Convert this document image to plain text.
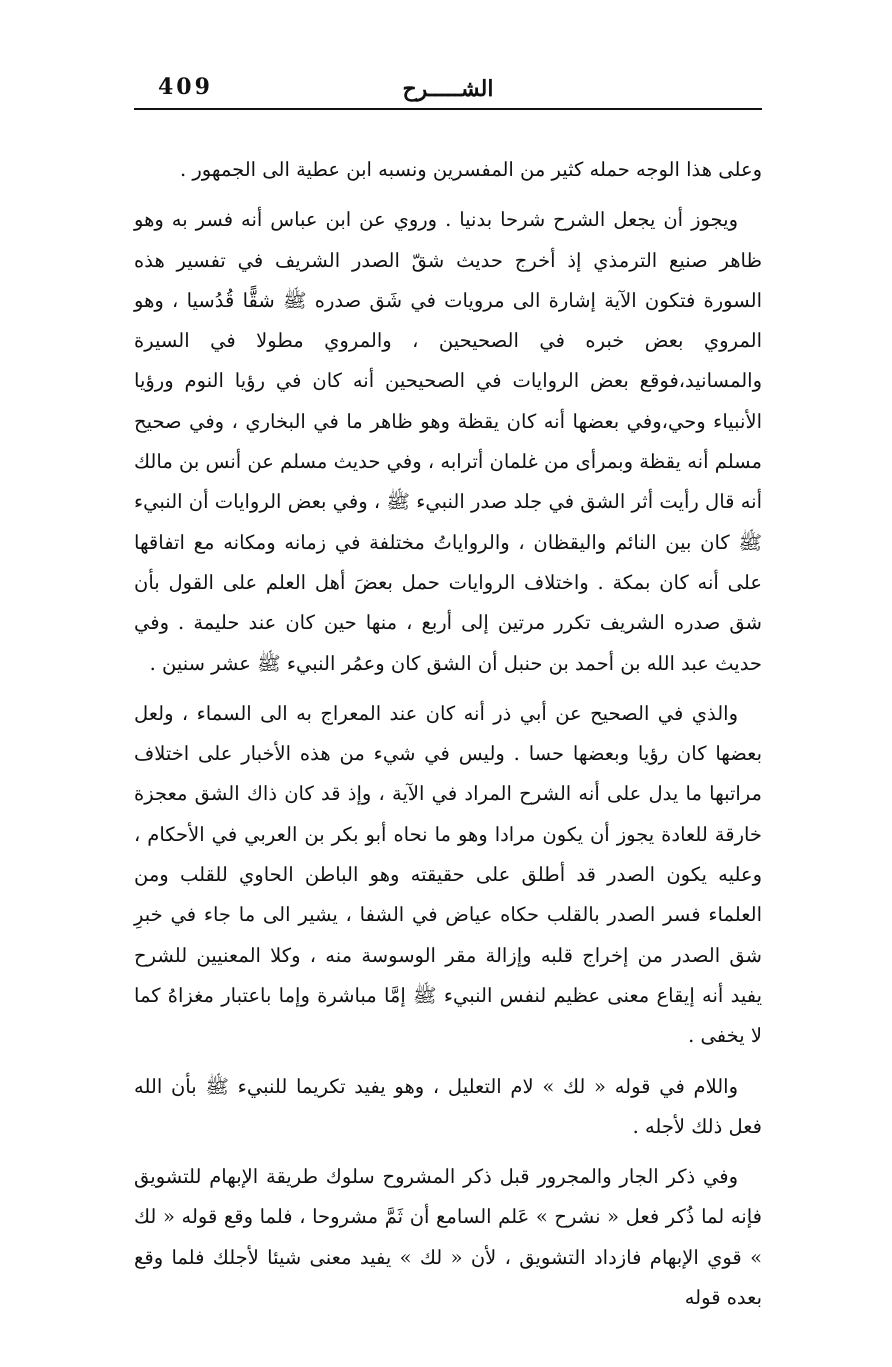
409	الشـــــرح

وعلى هذا الوجه حمله كثير من المفسرين ونسبه ابن عطية الى الجمهور .

ويجوز أن يجعل الشرح شرحا بدنيا . وروي عن ابن عباس أنه فسر به وهو ظاهر صنيع الترمذي إذ أخرج حديث شقّ الصدر الشريف في تفسير هذه السورة فتكون الآية إشارة الى مرويات في شَق صدره ﷺ شقًّا قُدُسيا ، وهو المروي بعض خبره في الصحيحين ، والمروي مطولا في السيرة والمسانيد،فوقع بعض الروايات في الصحيحين أنه كان في رؤيا النوم ورؤيا الأنبياء وحي،وفي بعضها أنه كان يقظة وهو ظاهر ما في البخاري ، وفي صحيح مسلم أنه يقظة وبمرأى من غلمان أترابه ، وفي حديث مسلم عن أنس بن مالك أنه قال رأيت أثر الشق في جلد صدر النبيء ﷺ ، وفي بعض الروايات أن النبيء ﷺ كان بين النائم واليقظان ، والرواياتُ مختلفة في زمانه ومكانه مع اتفاقها على أنه كان بمكة . واختلاف الروايات حمل بعضَ أهل العلم على القول بأن شق صدره الشريف تكرر مرتين إلى أربع ، منها حين كان عند حليمة . وفي حديث عبد الله بن أحمد بن حنبل أن الشق كان وعمُر النبيء ﷺ عشر سنين .

والذي في الصحيح عن أبي ذر أنه كان عند المعراج به الى السماء ، ولعل بعضها كان رؤيا وبعضها حسا . وليس في شيء من هذه الأخبار على اختلاف مراتبها ما يدل على أنه الشرح المراد في الآية ، وإذ قد كان ذاك الشق معجزة خارقة للعادة يجوز أن يكون مرادا وهو ما نحاه أبو بكر بن العربي في الأحكام ، وعليه يكون الصدر قد أطلق على حقيقته وهو الباطن الحاوي للقلب ومن العلماء فسر الصدر بالقلب حكاه عياض في الشفا ، يشير الى ما جاء في خبرِ شق الصدر من إخراج قلبه وإزالة مقر الوسوسة منه ، وكلا المعنيين للشرح يفيد أنه إيقاع معنى عظيم لنفس النبيء ﷺ إمَّا مباشرة وإما باعتبار مغزاهُ كما لا يخفى .

واللام في قوله « لك » لام التعليل ، وهو يفيد تكريما للنبيء ﷺ بأن الله فعل ذلك لأجله .

وفي ذكر الجار والمجرور قبل ذكر المشروح سلوك طريقة الإبهام للتشويق فإنه لما ذُكر فعل « نشرح » عَلم السامع أن ثَمَّ مشروحا ، فلما وقع قوله « لك » قوي الإبهام فازداد التشويق ، لأن « لك » يفيد معنى شيئا لأجلك فلما وقع بعده قوله
